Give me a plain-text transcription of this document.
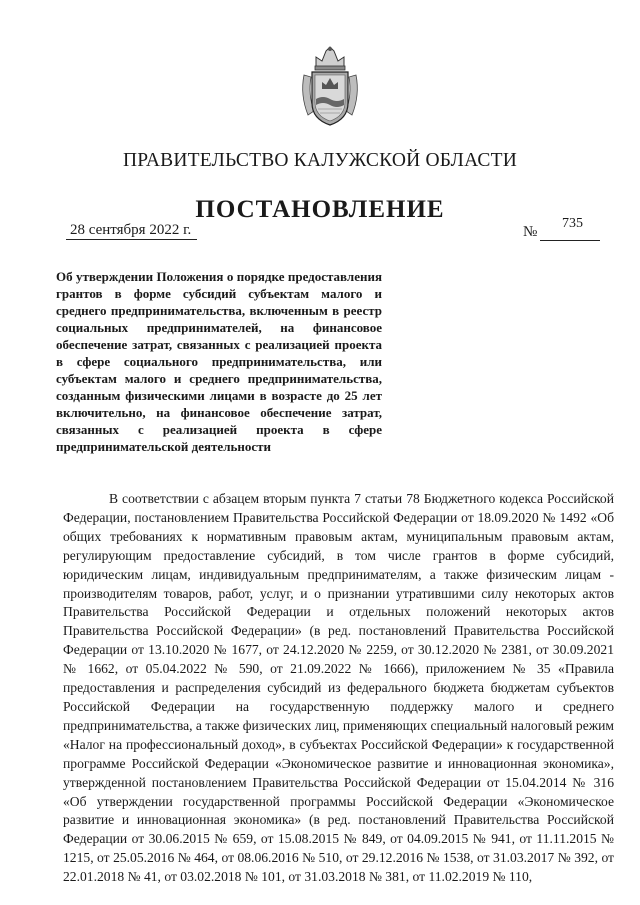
ПРАВИТЕЛЬСТВО КАЛУЖСКОЙ ОБЛАСТИ
ПОСТАНОВЛЕНИЕ
28 сентября 2022 г.	№
735

Об утверждении Положения о порядке предоставления грантов в форме субсидий субъектам малого и среднего предпринимательства, включенным в реестр социальных предпринимателей, на финансовое обеспечение затрат, связанных с реализацией проекта в сфере социального предпринимательства, или субъектам малого и среднего предпринимательства, созданным физическими лицами в возрасте до 25 лет включительно, на финансовое обеспечение затрат, связанных с реализацией проекта в сфере предпринимательской деятельности

В соответствии с абзацем вторым пункта 7 статьи 78 Бюджетного кодекса Российской Федерации, постановлением Правительства Российской Федерации от 18.09.2020 № 1492 «Об общих требованиях к нормативным правовым актам, муниципальным правовым актам, регулирующим предоставление субсидий, в том числе грантов в форме субсидий, юридическим лицам, индивидуальным предпринимателям, а также физическим лицам - производителям товаров, работ, услуг, и о признании утратившими силу некоторых актов Правительства Российской Федерации и отдельных положений некоторых актов Правительства Российской Федерации» (в ред. постановлений Правительства Российской Федерации от 13.10.2020 № 1677, от 24.12.2020 № 2259, от 30.12.2020 № 2381, от 30.09.2021 № 1662, от 05.04.2022 № 590, от 21.09.2022 № 1666), приложением № 35 «Правила предоставления и распределения субсидий из федерального бюджета бюджетам субъектов Российской Федерации на государственную поддержку малого и среднего предпринимательства, а также физических лиц, применяющих специальный налоговый режим «Налог на профессиональный доход», в субъектах Российской Федерации» к государственной программе Российской Федерации «Экономическое развитие и инновационная экономика», утвержденной постановлением Правительства Российской Федерации от 15.04.2014 № 316 «Об утверждении государственной программы Российской Федерации «Экономическое развитие и инновационная экономика» (в ред. постановлений Правительства Российской Федерации от 30.06.2015 № 659, от 15.08.2015 № 849, от 04.09.2015 № 941, от 11.11.2015 № 1215, от 25.05.2016 № 464, от 08.06.2016 № 510, от 29.12.2016 № 1538, от 31.03.2017 № 392, от 22.01.2018 № 41, от 03.02.2018 № 101, от 31.03.2018 № 381, от 11.02.2019 № 110,
